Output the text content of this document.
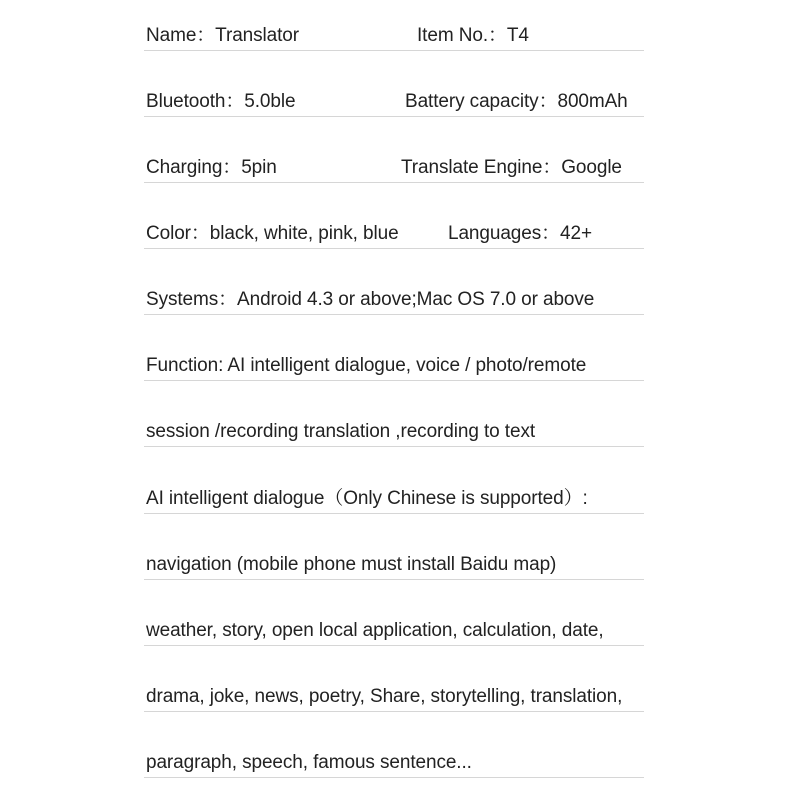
Name：Translator	Item No.：T4
Bluetooth：5.0ble	Battery capacity：800mAh
Charging：5pin	Translate Engine：Google
Color：black, white, pink, blue	Languages：42+
Systems：Android 4.3 or above;Mac OS 7.0 or above
Function: AI intelligent dialogue, voice / photo/remote
session /recording translation ,recording to text
AI intelligent dialogue（Only Chinese is supported）:
navigation (mobile phone must install Baidu map)
weather, story, open local application, calculation, date,
drama, joke, news, poetry, Share, storytelling, translation,
paragraph, speech, famous sentence...
